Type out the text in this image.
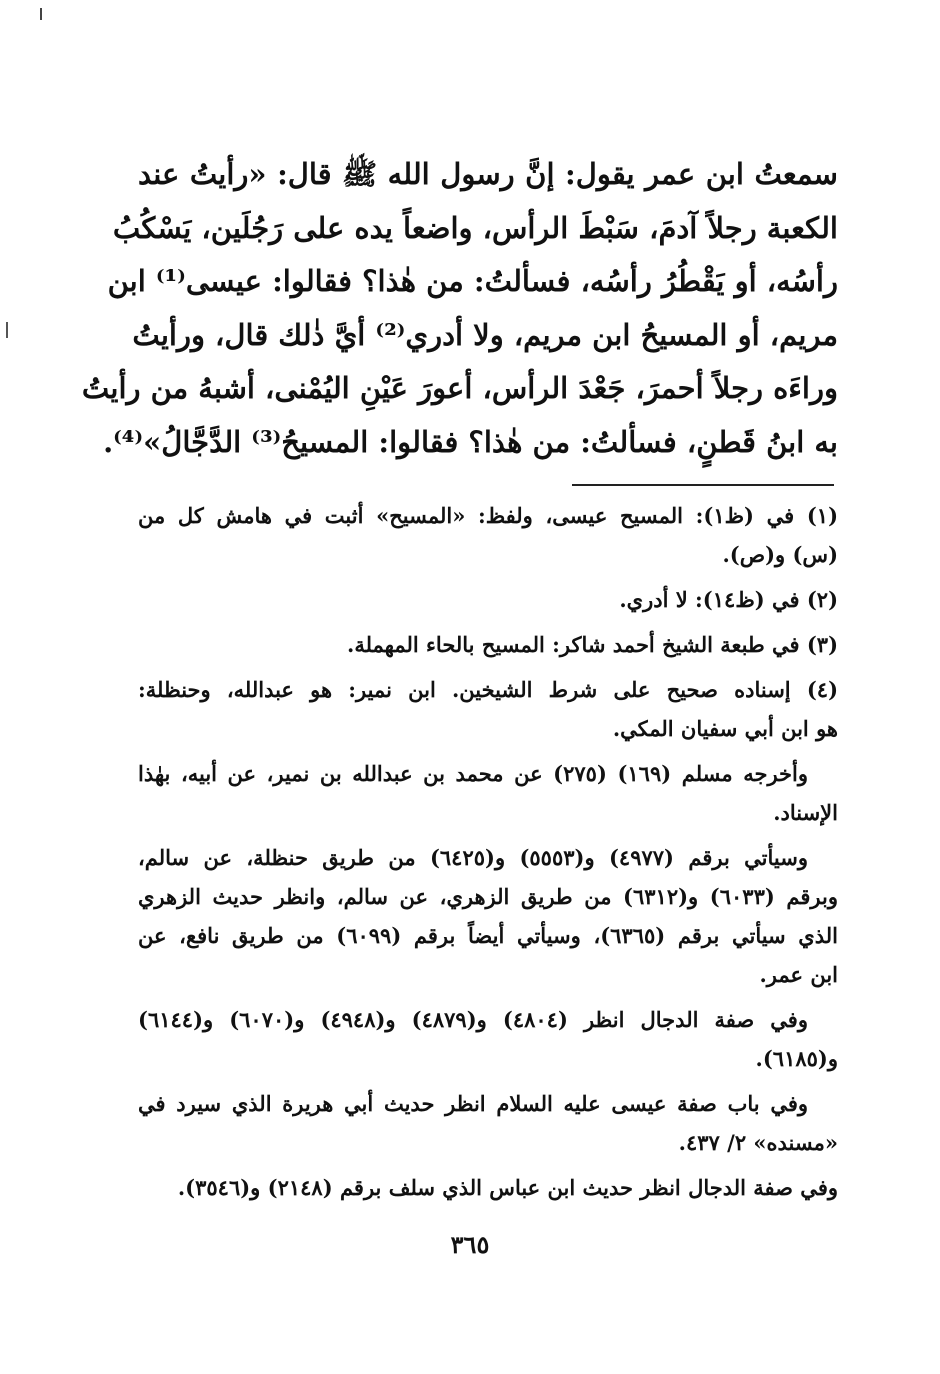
سمعتُ ابن عمر يقول: إنَّ رسول الله ﷺ قال: «رأيتُ عند
الكعبة رجلاً آدمَ، سَبْطَ الرأس، واضعاً يده على رَجُلَين، يَسْكُبُ
رأسُه، أو يَقْطُرُ رأسُه، فسألتُ: من هٰذا؟ فقالوا: عيسى⁽¹⁾ ابن
مريم، أو المسيحُ ابن مريم، ولا أدري⁽²⁾ أيَّ ذٰلك قال، ورأيتُ
وراءَه رجلاً أحمرَ، جَعْدَ الرأس، أعورَ عَيْنِ اليُمْنى، أشبهُ من رأيتُ
به ابنُ قَطنٍ، فسألتُ: من هٰذا؟ فقالوا: المسيحُ⁽³⁾ الدَّجَّالُ»⁽⁴⁾.

(١) في (ظ١): المسيح عيسى، ولفظ: «المسيح» أثبت في هامش كل من
(س) و(ص).
(٢) في (ظ١٤): لا أدري.
(٣) في طبعة الشيخ أحمد شاكر: المسيح بالحاء المهملة.
(٤) إسناده صحيح على شرط الشيخين. ابن نمير: هو عبدالله، وحنظلة:
هو ابن أبي سفيان المكي.
وأخرجه مسلم (١٦٩) (٢٧٥) عن محمد بن عبدالله بن نمير، عن أبيه، بهٰذا
الإسناد.
وسيأتي برقم (٤٩٧٧) و(٥٥٥٣) و(٦٤٢٥) من طريق حنظلة، عن سالم،
وبرقم (٦٠٣٣) و(٦٣١٢) من طريق الزهري، عن سالم، وانظر حديث الزهري
الذي سيأتي برقم (٦٣٦٥)، وسيأتي أيضاً برقم (٦٠٩٩) من طريق نافع، عن
ابن عمر.
وفي صفة الدجال انظر (٤٨٠٤) و(٤٨٧٩) و(٤٩٤٨) و(٦٠٧٠) و(٦١٤٤)
و(٦١٨٥).
وفي باب صفة عيسى عليه السلام انظر حديث أبي هريرة الذي سيرد في
«مسنده» ٢/ ٤٣٧.
وفي صفة الدجال انظر حديث ابن عباس الذي سلف برقم (٢١٤٨) و(٣٥٤٦).
٣٦٥
